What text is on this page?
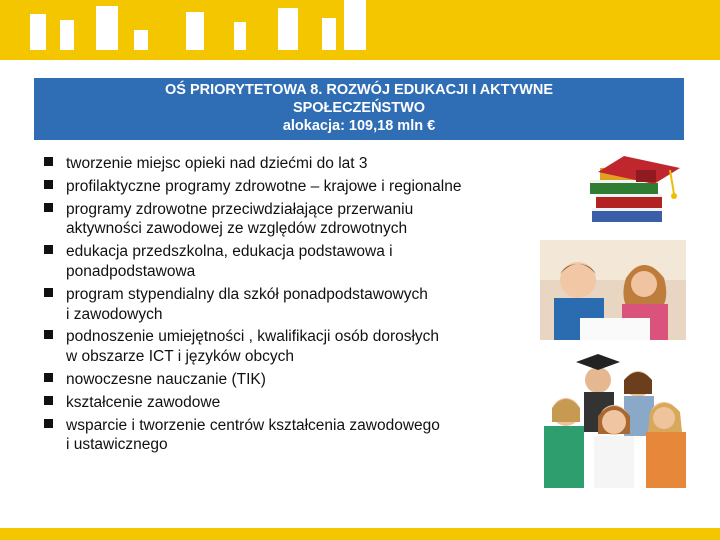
OŚ PRIORYTETOWA 8. ROZWÓJ EDUKACJI I AKTYWNE
SPOŁECZEŃSTWO
alokacja: 109,18 mln €
tworzenie miejsc opieki nad dziećmi do lat 3
profilaktyczne programy zdrowotne – krajowe i regionalne
programy zdrowotne przeciwdziałające przerwaniu
aktywności zawodowej ze względów zdrowotnych
edukacja przedszkolna, edukacja podstawowa i
ponadpodstawowa
program stypendialny dla szkół ponadpodstawowych
i zawodowych
podnoszenie umiejętności , kwalifikacji osób dorosłych
w obszarze ICT i języków obcych
nowoczesne nauczanie (TIK)
kształcenie zawodowe
wsparcie i tworzenie centrów kształcenia zawodowego
i ustawicznego
